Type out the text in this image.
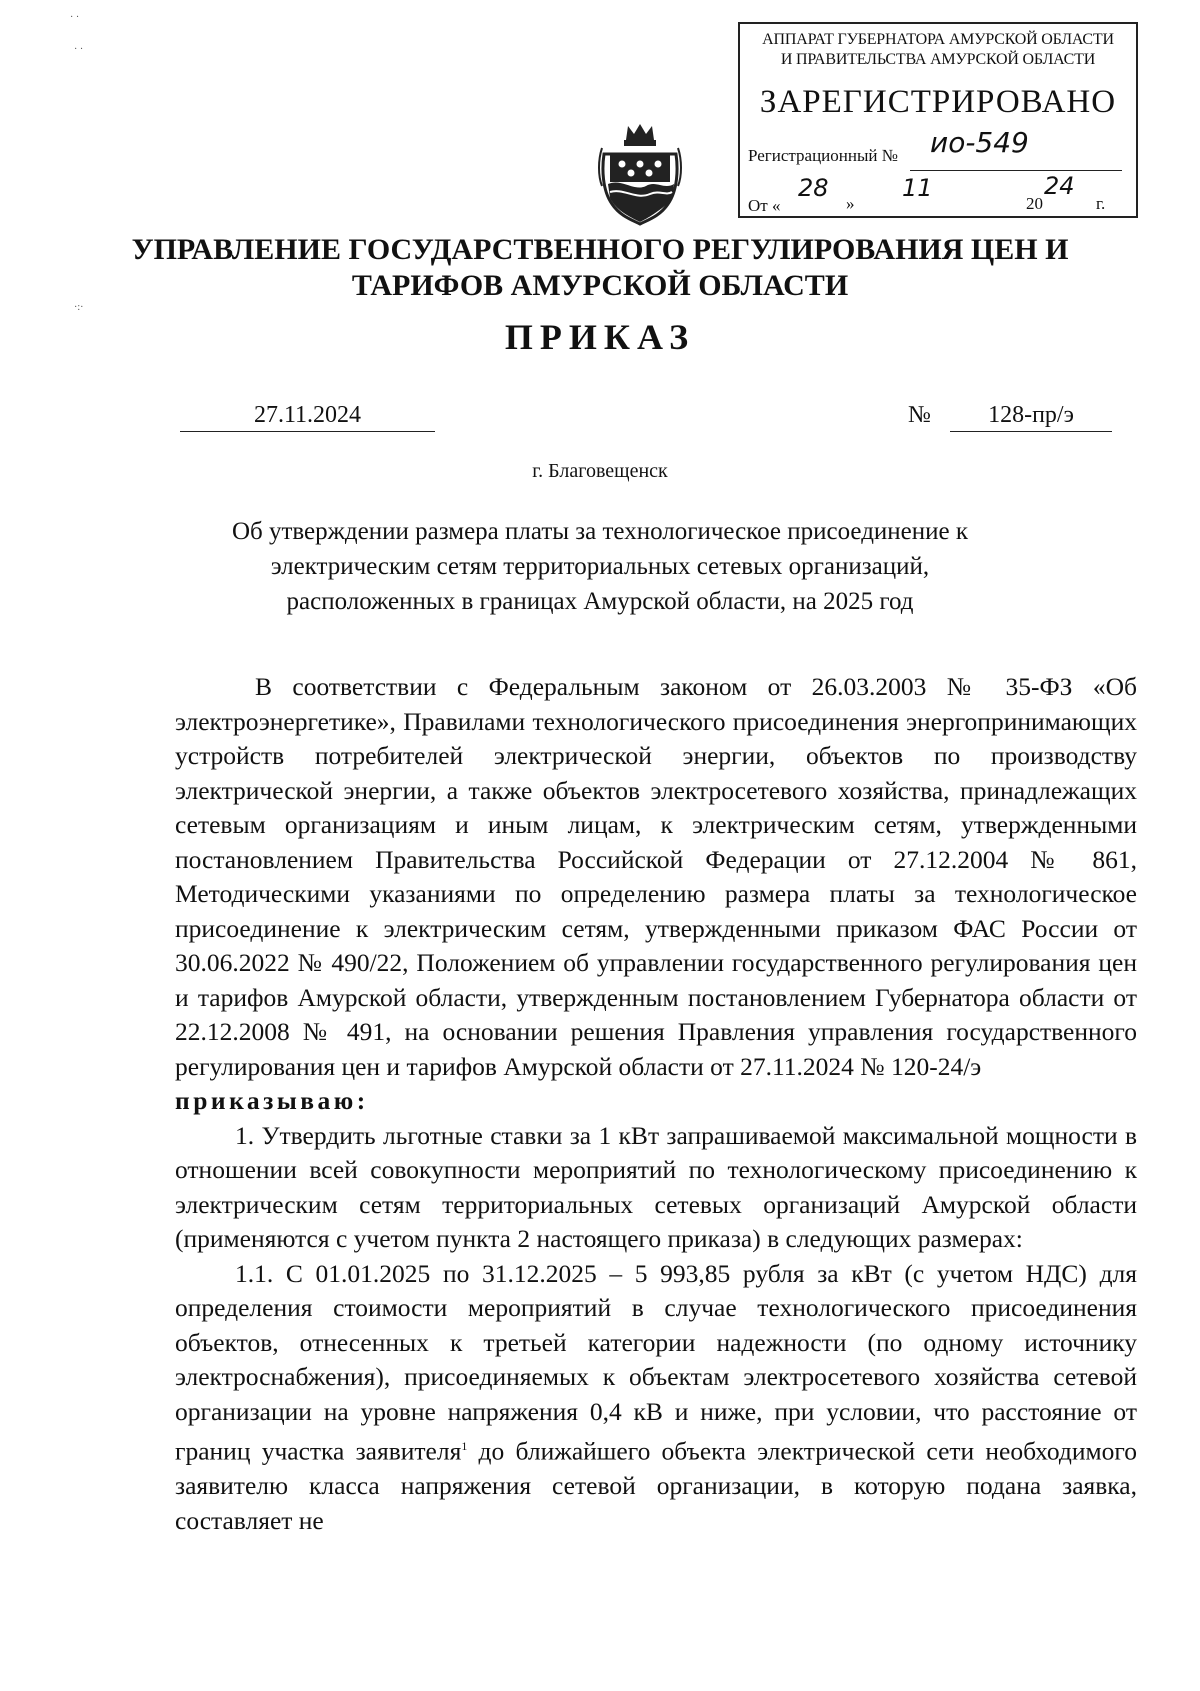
АППАРАТ ГУБЕРНАТОРА АМУРСКОЙ ОБЛАСТИ
И ПРАВИТЕЛЬСТВА АМУРСКОЙ ОБЛАСТИ
ЗАРЕГИСТРИРОВАНО
Регистрационный №	ио-549
От «
28
»
11
20
24
г.
УПРАВЛЕНИЕ ГОСУДАРСТВЕННОГО РЕГУЛИРОВАНИЯ ЦЕН И
ТАРИФОВ АМУРСКОЙ ОБЛАСТИ
ПРИКАЗ
27.11.2024	№	128-пр/э
г. Благовещенск
Об утверждении размера платы за технологическое присоединение к
электрическим сетям территориальных сетевых организаций,
расположенных в границах Амурской области, на 2025 год

В соответствии с Федеральным законом от 26.03.2003 № 35-ФЗ «Об электроэнергетике», Правилами технологического присоединения энергопринимающих устройств потребителей электрической энергии, объектов по производству электрической энергии, а также объектов электросетевого хозяйства, принадлежащих сетевым организациям и иным лицам, к электрическим сетям, утвержденными постановлением Правительства Российской Федерации от 27.12.2004 № 861, Методическими указаниями по определению размера платы за технологическое присоединение к электрическим сетям, утвержденными приказом ФАС России от 30.06.2022 № 490/22, Положением об управлении государственного регулирования цен и тарифов Амурской области, утвержденным постановлением Губернатора области от 22.12.2008 № 491, на основании решения Правления управления государственного регулирования цен и тарифов Амурской области от 27.11.2024 № 120-24/э

приказываю:

1. Утвердить льготные ставки за 1 кВт запрашиваемой максимальной мощности в отношении всей совокупности мероприятий по технологическому присоединению к электрическим сетям территориальных сетевых организаций Амурской области (применяются с учетом пункта 2 настоящего приказа) в следующих размерах:

1.1. С 01.01.2025 по 31.12.2025 – 5 993,85 рубля за кВт (с учетом НДС) для определения стоимости мероприятий в случае технологического присоединения объектов, отнесенных к третьей категории надежности (по одному источнику электроснабжения), присоединяемых к объектам электросетевого хозяйства сетевой организации на уровне напряжения 0,4 кВ и ниже, при условии, что расстояние от границ участка заявителя$^1$ до ближайшего объекта электрической сети необходимого заявителю класса напряжения сетевой организации, в которую подана заявка, составляет не

· ·
· ·
·:·
